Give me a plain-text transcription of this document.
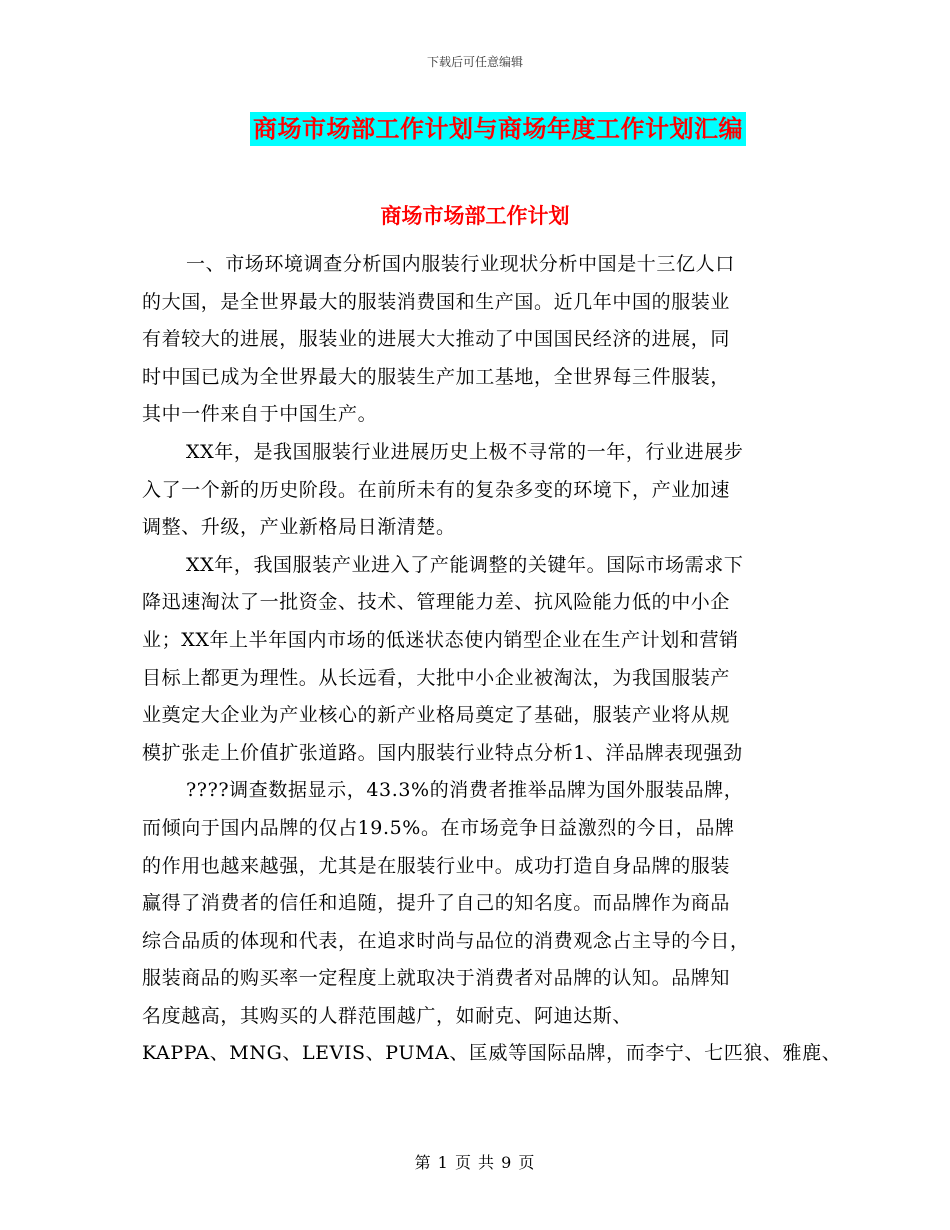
下载后可任意编辑
商场市场部工作计划与商场年度工作计划汇编
商场市场部工作计划
一、市场环境调查分析国内服装行业现状分析中国是十三亿人口
的大国，是全世界最大的服装消费国和生产国。近几年中国的服装业
有着较大的进展，服装业的进展大大推动了中国国民经济的进展，同
时中国已成为全世界最大的服装生产加工基地，全世界每三件服装，
其中一件来自于中国生产。
XX年，是我国服装行业进展历史上极不寻常的一年，行业进展步
入了一个新的历史阶段。在前所未有的复杂多变的环境下，产业加速
调整、升级，产业新格局日渐清楚。
XX年，我国服装产业进入了产能调整的关键年。国际市场需求下
降迅速淘汰了一批资金、技术、管理能力差、抗风险能力低的中小企
业；XX年上半年国内市场的低迷状态使内销型企业在生产计划和营销
目标上都更为理性。从长远看，大批中小企业被淘汰，为我国服装产
业奠定大企业为产业核心的新产业格局奠定了基础，服装产业将从规
模扩张走上价值扩张道路。国内服装行业特点分析1、洋品牌表现强劲
????调查数据显示，43.3%的消费者推举品牌为国外服装品牌，
而倾向于国内品牌的仅占19.5%。在市场竞争日益激烈的今日，品牌
的作用也越来越强，尤其是在服装行业中。成功打造自身品牌的服装
赢得了消费者的信任和追随，提升了自己的知名度。而品牌作为商品
综合品质的体现和代表，在追求时尚与品位的消费观念占主导的今日，
服装商品的购买率一定程度上就取决于消费者对品牌的认知。品牌知
名度越高，其购买的人群范围越广，如耐克、阿迪达斯、
KAPPA、MNG、LEVIS、PUMA、匡威等国际品牌，而李宁、七匹狼、雅鹿、
第 1 页 共 9 页
